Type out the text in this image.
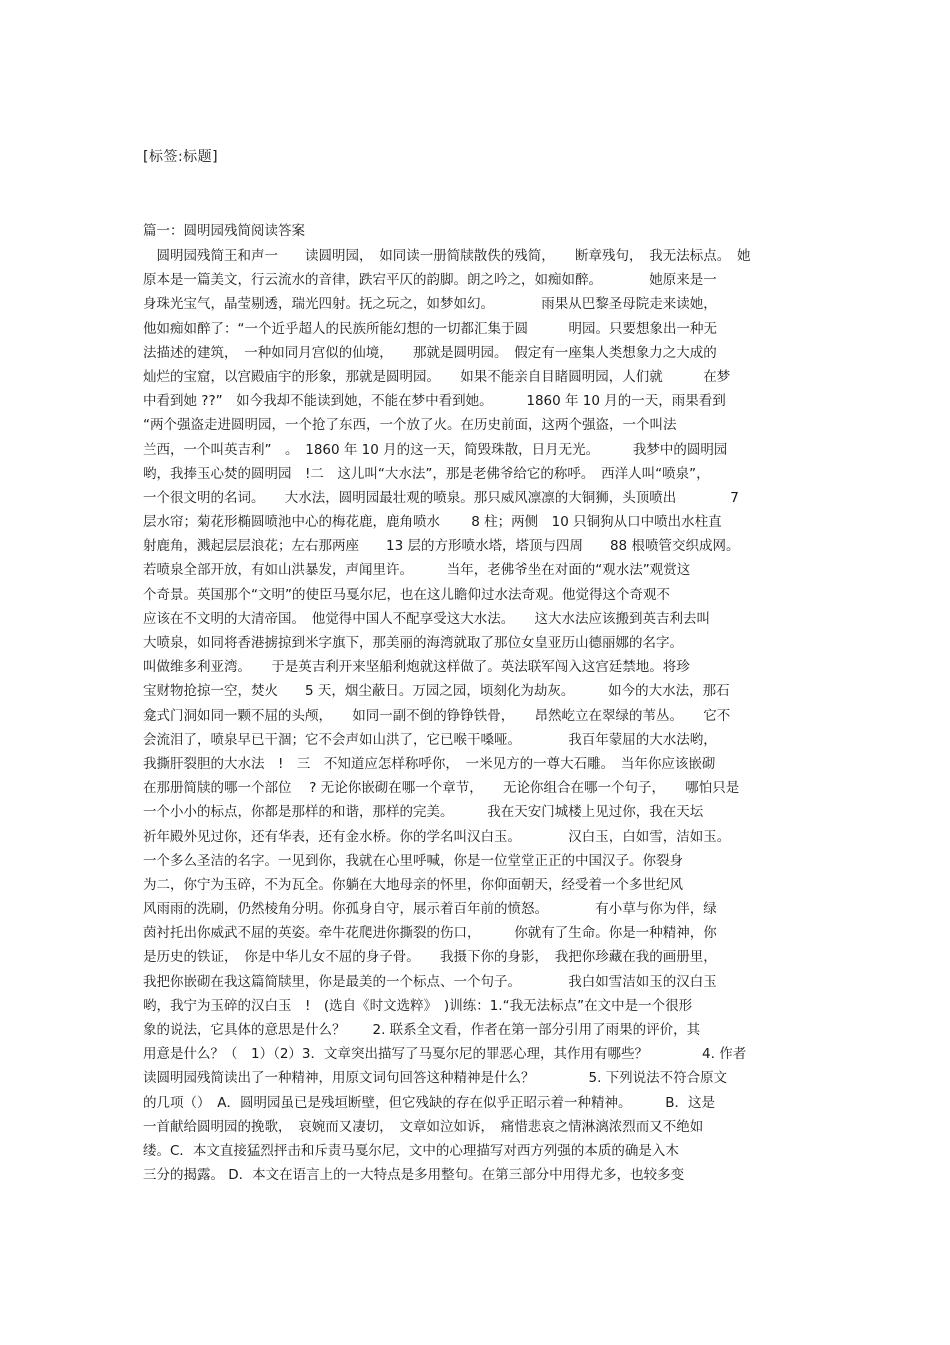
[标签:标题]
篇一：圆明园残简阅读答案
　圆明园残简王和声一　　读圆明园，　如同读一册简牍散佚的残简，　　断章残句，　我无法标点。　她
原本是一篇美文，行云流水的音律，跌宕平仄的韵脚。朗之吟之，如痴如醉。　　　　她原来是一
身珠光宝气，晶莹剔透，瑞光四射。抚之玩之，如梦如幻。　　　　雨果从巴黎圣母院走来读她，
他如痴如醉了：“一个近乎超人的民族所能幻想的一切都汇集于圆　　　明园。只要想象出一种无
法描述的建筑，　一种如同月宫似的仙境，　　那就是圆明园。　假定有一座集人类想象力之大成的
灿烂的宝窟，以宫殿庙宇的形象，那就是圆明园。　　如果不能亲自目睹圆明园，人们就　　　在梦
中看到她 ??”　如今我却不能读到她，不能在梦中看到她。　　　1860 年 10 月的一天，雨果看到
“两个强盗走进圆明园，一个抢了东西，一个放了火。在历史前面，这两个强盗，一个叫法
兰西，一个叫英吉利”　。　1860 年 10 月的这一天，简毁珠散，日月无光。　　　我梦中的圆明园
哟，我捧玉心焚的圆明园　!二　这儿叫“大水法”，那是老佛爷给它的称呼。　西洋人叫“喷泉”，
一个很文明的名词。　　大水法，圆明园最壮观的喷泉。那只威风凛凛的大铜狮，头顶喷出　　　　7
层水帘；菊花形椭圆喷池中心的梅花鹿，鹿角喷水　　 8 柱；两侧　10 只铜狗从口中喷出水柱直
射鹿角，溅起层层浪花；左右那两座　　13 层的方形喷水塔，塔顶与四周　　88 根喷管交织成网。
若喷泉全部开放，有如山洪暴发，声闻里许。　　　当年，老佛爷坐在对面的“观水法”观赏这
个奇景。英国那个“文明”的使臣马戛尔尼，也在这儿瞻仰过水法奇观。他觉得这个奇观不
应该在不文明的大清帝国。　他觉得中国人不配享受这大水法。　　这大水法应该搬到英吉利去叫
大喷泉，如同将香港掳掠到米字旗下，那美丽的海湾就取了那位女皇亚历山德丽娜的名字。
叫做维多利亚湾。　　于是英吉利开来坚船利炮就这样做了。英法联军闯入这宫廷禁地。将珍
宝财物抢掠一空，焚火　　5 天，烟尘蔽日。万园之园，顷刻化为劫灰。　　　如今的大水法，那石
龛式门洞如同一颗不屈的头颅，　　如同一副不倒的铮铮铁骨，　　昂然屹立在翠绿的苇丛。　　它不
会流泪了，喷泉早已干涸；它不会声如山洪了，它已喉干嗓哑。　　　　我百年蒙屈的大水法哟，
我撕肝裂胆的大水法　!　三　不知道应怎样称呼你，　一米见方的一尊大石雕。　当年你应该嵌砌
在那册简牍的哪一个部位　 ? 无论你嵌砌在哪一个章节，　　无论你组合在哪一个句子，　　哪怕只是
一个小小的标点，你都是那样的和谐，那样的完美。　　　我在天安门城楼上见过你，我在天坛
祈年殿外见过你，还有华表，还有金水桥。你的学名叫汉白玉。　　　　汉白玉，白如雪，洁如玉。
一个多么圣洁的名字。一见到你，我就在心里呼喊，你是一位堂堂正正的中国汉子。你裂身
为二，你宁为玉碎，不为瓦全。你躺在大地母亲的怀里，你仰面朝天，经受着一个多世纪风
风雨雨的洗刷，仍然棱角分明。你孤身自守，展示着百年前的愤怒。　　　　有小草与你为伴，绿
茵衬托出你威武不屈的英姿。牵牛花爬进你撕裂的伤口，　　　你就有了生命。你是一种精神，你
是历史的铁证，　你是中华儿女不屈的身子骨。　　我摄下你的身影，　我把你珍藏在我的画册里，
我把你嵌砌在我这篇简牍里，你是最美的一个标点、一个句子。　　　　我白如雪洁如玉的汉白玉
哟，我宁为玉碎的汉白玉　!　(选自《时文选粹》　)训练：1.“我无法标点”在文中是一个很形
象的说法，它具体的意思是什么？　　2. 联系全文看，作者在第一部分引用了雨果的评价，其
用意是什么？（　1）（2）3．文章突出描写了马戛尔尼的罪恶心理，其作用有哪些？　　　　4. 作者
读圆明园残简读出了一种精神，用原文词句回答这种精神是什么？　　　　5. 下列说法不符合原文
的几项（）　A．圆明园虽已是残垣断壁，但它残缺的存在似乎正昭示着一种精神。　　　B．这是
一首献给圆明园的挽歌，　哀婉而又凄切，　文章如泣如诉，　痛惜悲哀之情淋漓浓烈而又不绝如
缕。C．本文直接猛烈抨击和斥责马戛尔尼，文中的心理描写对西方列强的本质的确是入木
三分的揭露。 D．本文在语言上的一大特点是多用整句。在第三部分中用得尤多，也较多变
